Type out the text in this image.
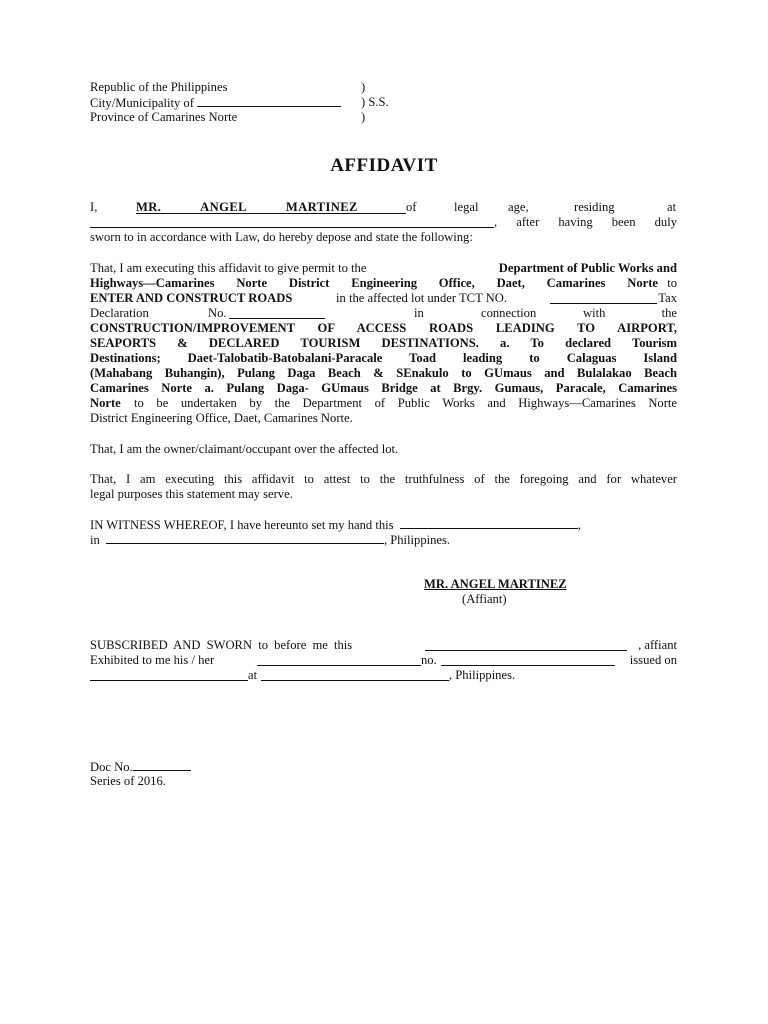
Republic of the Philippines	)
City/Municipality of	) S.S.
Province of Camarines Norte	)
AFFIDAVIT
I,	MR. ANGEL MARTINEZ	of	legal age,	residing	at
, after having been duly
sworn to in accordance with Law, do hereby depose and state the following:
That, I am executing this affidavit to give permit to the	Department of Public Works and
Highways—Camarines Norte District Engineering Office, Daet, Camarines Norte to
ENTER AND CONSTRUCT ROADS	in the affected lot under TCT NO.	Tax
Declaration	No.	in	connection	with	the
CONSTRUCTION/IMPROVEMENT OF ACCESS ROADS LEADING TO AIRPORT,
SEAPORTS & DECLARED TOURISM DESTINATIONS. a. To declared Tourism
Destinations; Daet-Talobatib-Batobalani-Paracale Toad leading to Calaguas Island
(Mahabang Buhangin), Pulang Daga Beach & SEnakulo to GUmaus and Bulalakao Beach
Camarines Norte a. Pulang Daga- GUmaus Bridge at Brgy. Gumaus, Paracale, Camarines
Norte to be undertaken by the Department of Public Works and Highways—Camarines Norte
District Engineering Office, Daet, Camarines Norte.
That, I am the owner/claimant/occupant over the affected lot.
That, I am executing this affidavit to attest to the truthfulness of the foregoing and for whatever
legal purposes this statement may serve.
IN WITNESS WHEREOF, I have hereunto set my hand this	,
in	, Philippines.
MR. ANGEL MARTINEZ
(Affiant)
SUBSCRIBED AND SWORN to before me this	, affiant
Exhibited to me his / her	no.	issued on
at	, Philippines.
Doc No.
Series of 2016.
